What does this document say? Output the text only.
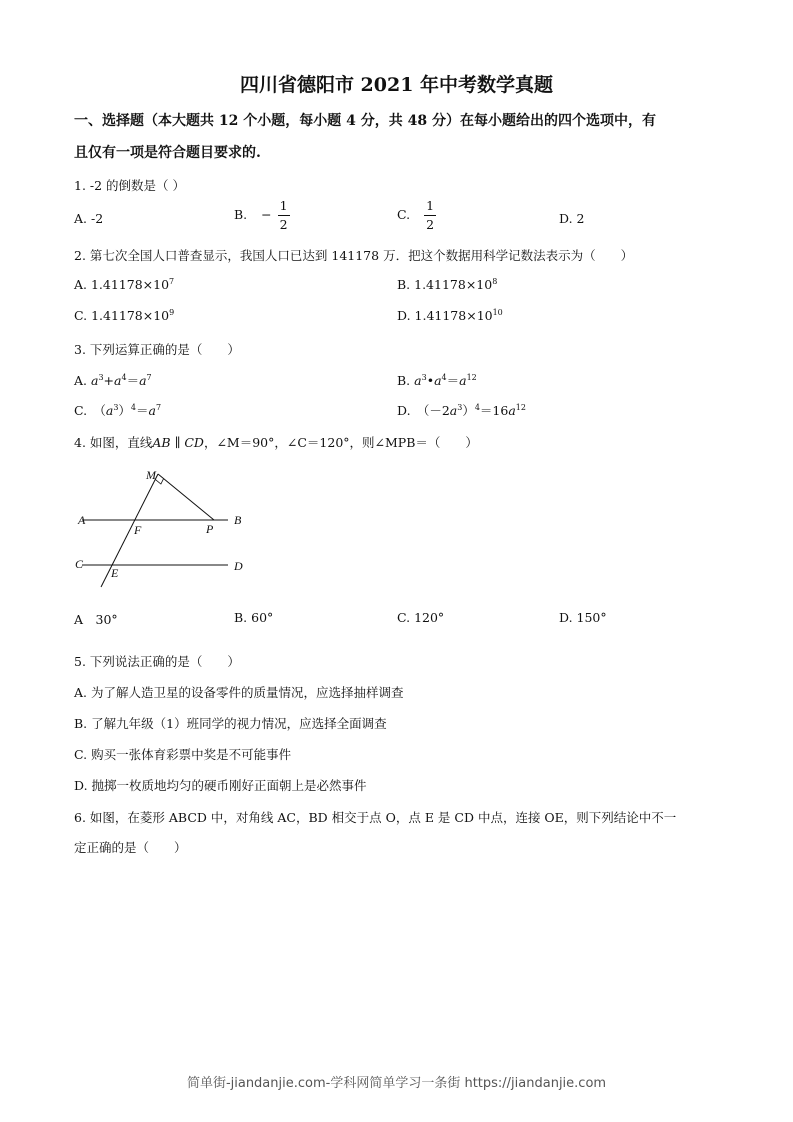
四川省德阳市 2021 年中考数学真题
一、选择题（本大题共 12 个小题，每小题 4 分，共 48 分）在每小题给出的四个选项中，有
且仅有一项是符合题目要求的.
1. -2 的倒数是（ ）
A. -2	B. − $\frac{1}{2}$	C. $\frac{1}{2}$	D. 2
2. 第七次全国人口普查显示，我国人口已达到 141178 万．把这个数据用科学记数法表示为（　　）
A. $1.41178\times 10^7$	B. $1.41178\times 10^8$
C. $1.41178\times 10^9$	D. $1.41178\times 10^{10}$
3. 下列运算正确的是（　　）
A. $a^3+a^4=a^7$	B. $a^3•a^4=a^{12}$
C.　$(a^3)^4=a^7$	D.　$(-2a^3)^4=16a^{12}$
4. 如图，直线AB ∥ CD，∠M＝90°，∠C＝120°，则∠MPB＝（　　）
M
A	B
F	P
C	D
E
A　30°	B. 60°	C. 120°	D. 150°
5. 下列说法正确的是（　　）
A. 为了解人造卫星的设备零件的质量情况，应选择抽样调查
B. 了解九年级（1）班同学的视力情况，应选择全面调查
C. 购买一张体育彩票中奖是不可能事件
D. 抛掷一枚质地均匀的硬币刚好正面朝上是必然事件
6. 如图，在菱形 ABCD 中，对角线 AC，BD 相交于点 O，点 E 是 CD 中点，连接 OE，则下列结论中不一
定正确的是（　　）
简单街-jiandanjie.com-学科网简单学习一条街 https://jiandanjie.com
